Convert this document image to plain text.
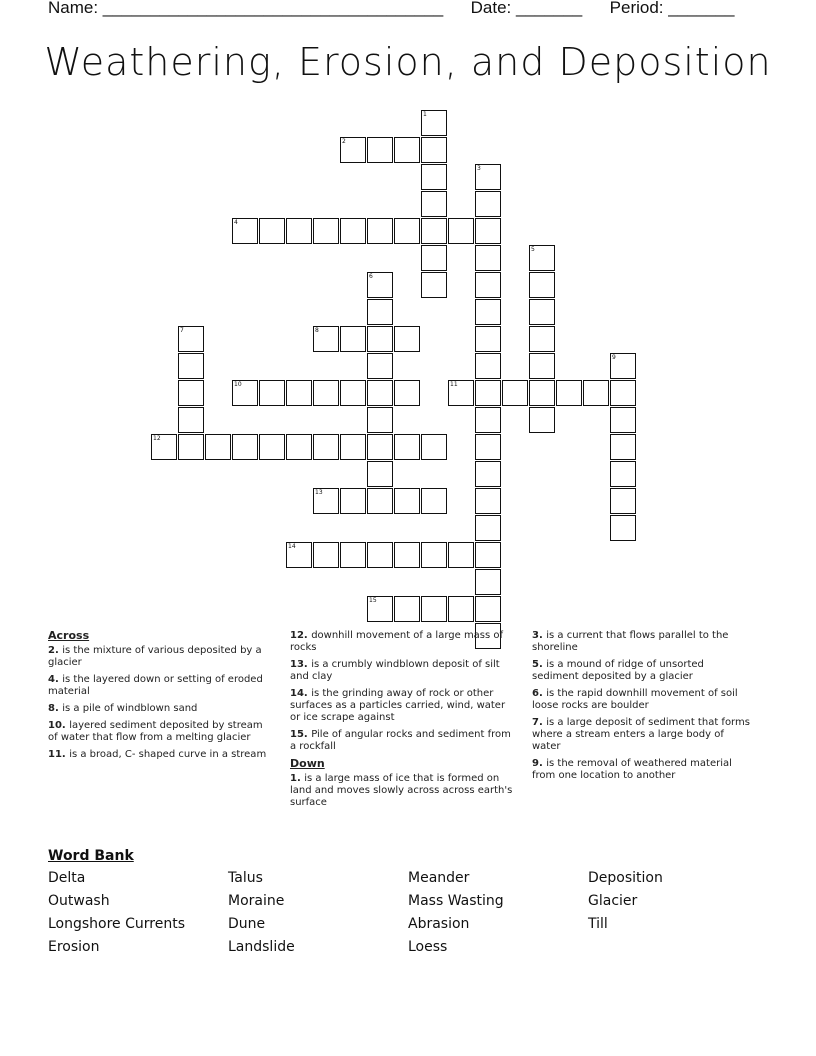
Name: ____________________________________ Date: _______ Period: _______
Weathering, Erosion, and Deposition
1
2
3
4
5
6
7	8
9
10	11
12
13
14
15
Across
2. is the mixture of various deposited by a glacier
4. is the layered down or setting of eroded material
8. is a pile of windblown sand
10. layered sediment deposited by stream of water that flow from a melting glacier
11. is a broad, C- shaped curve in a stream
12. downhill movement of a large mass of rocks
13. is a crumbly windblown deposit of silt and clay
14. is the grinding away of rock or other surfaces as a particles carried, wind, water or ice scrape against
15. Pile of angular rocks and sediment from a rockfall
Down
1. is a large mass of ice that is formed on land and moves slowly across across earth's surface
3. is a current that flows parallel to the shoreline
5. is a mound of ridge of unsorted sediment deposited by a glacier
6. is the rapid downhill movement of soil loose rocks are boulder
7. is a large deposit of sediment that forms where a stream enters a large body of water
9. is the removal of weathered material from one location to another
Word Bank
Delta
Outwash
Longshore Currents
Erosion
Talus
Moraine
Dune
Landslide
Meander
Mass Wasting
Abrasion
Loess
Deposition
Glacier
Till
